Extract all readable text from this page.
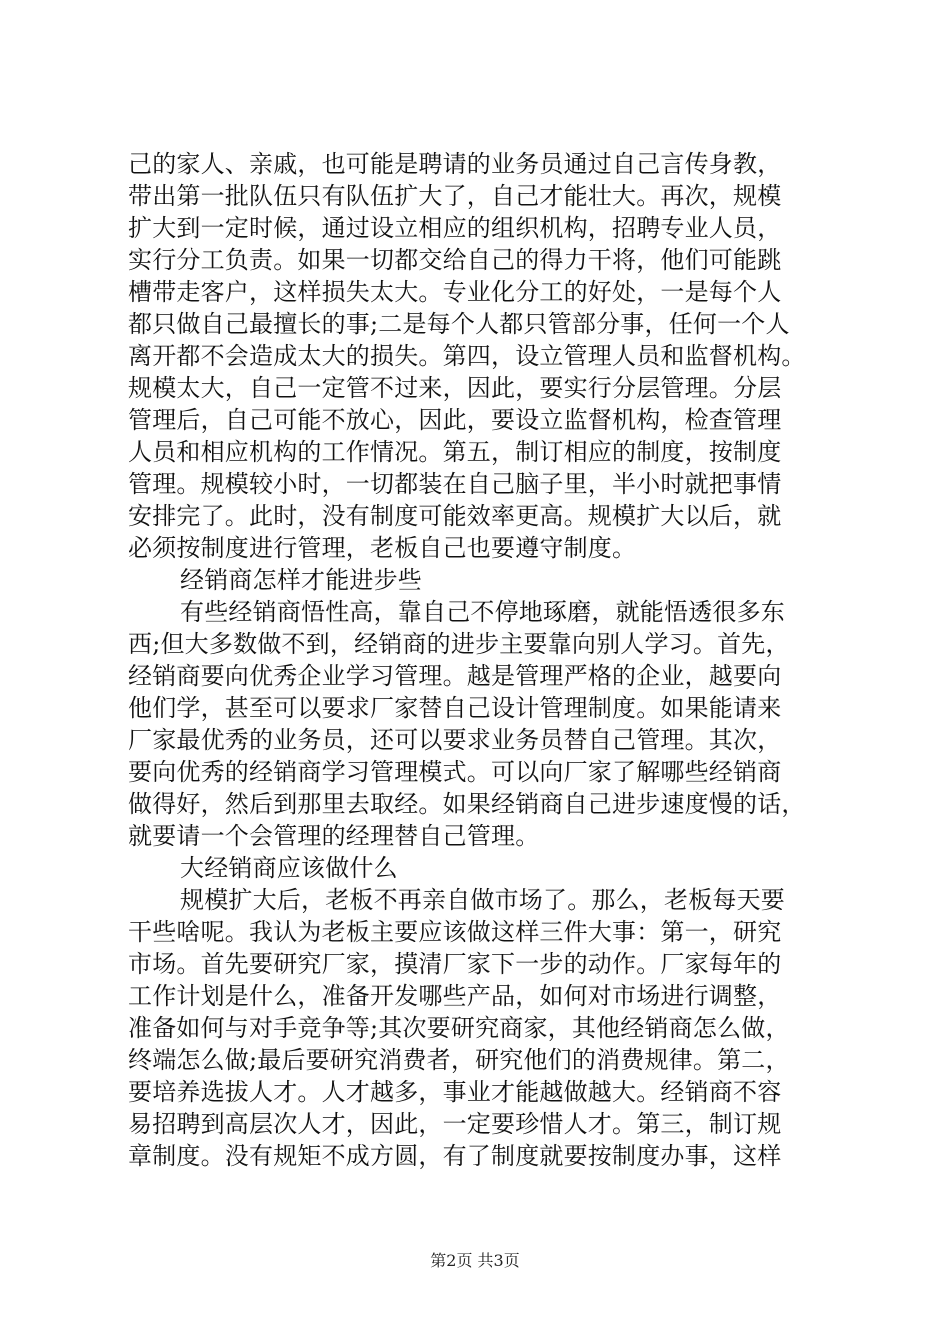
己的家人、亲戚，也可能是聘请的业务员通过自己言传身教，
带出第一批队伍只有队伍扩大了，自己才能壮大。再次，规模
扩大到一定时候，通过设立相应的组织机构，招聘专业人员，
实行分工负责。如果一切都交给自己的得力干将，他们可能跳
槽带走客户，这样损失太大。专业化分工的好处，一是每个人
都只做自己最擅长的事;二是每个人都只管部分事，任何一个人
离开都不会造成太大的损失。第四，设立管理人员和监督机构。
规模太大，自己一定管不过来，因此，要实行分层管理。分层
管理后，自己可能不放心，因此，要设立监督机构，检查管理
人员和相应机构的工作情况。第五，制订相应的制度，按制度
管理。规模较小时，一切都装在自己脑子里，半小时就把事情
安排完了。此时，没有制度可能效率更高。规模扩大以后，就
必须按制度进行管理，老板自己也要遵守制度。
经销商怎样才能进步些
有些经销商悟性高，靠自己不停地琢磨，就能悟透很多东
西;但大多数做不到，经销商的进步主要靠向别人学习。首先，
经销商要向优秀企业学习管理。越是管理严格的企业，越要向
他们学，甚至可以要求厂家替自己设计管理制度。如果能请来
厂家最优秀的业务员，还可以要求业务员替自己管理。其次，
要向优秀的经销商学习管理模式。可以向厂家了解哪些经销商
做得好，然后到那里去取经。如果经销商自己进步速度慢的话，
就要请一个会管理的经理替自己管理。
大经销商应该做什么
规模扩大后，老板不再亲自做市场了。那么，老板每天要
干些啥呢。我认为老板主要应该做这样三件大事：第一，研究
市场。首先要研究厂家，摸清厂家下一步的动作。厂家每年的
工作计划是什么，准备开发哪些产品，如何对市场进行调整，
准备如何与对手竞争等;其次要研究商家，其他经销商怎么做，
终端怎么做;最后要研究消费者，研究他们的消费规律。第二，
要培养选拔人才。人才越多，事业才能越做越大。经销商不容
易招聘到高层次人才，因此，一定要珍惜人才。第三，制订规
章制度。没有规矩不成方圆，有了制度就要按制度办事，这样
第2页 共3页
